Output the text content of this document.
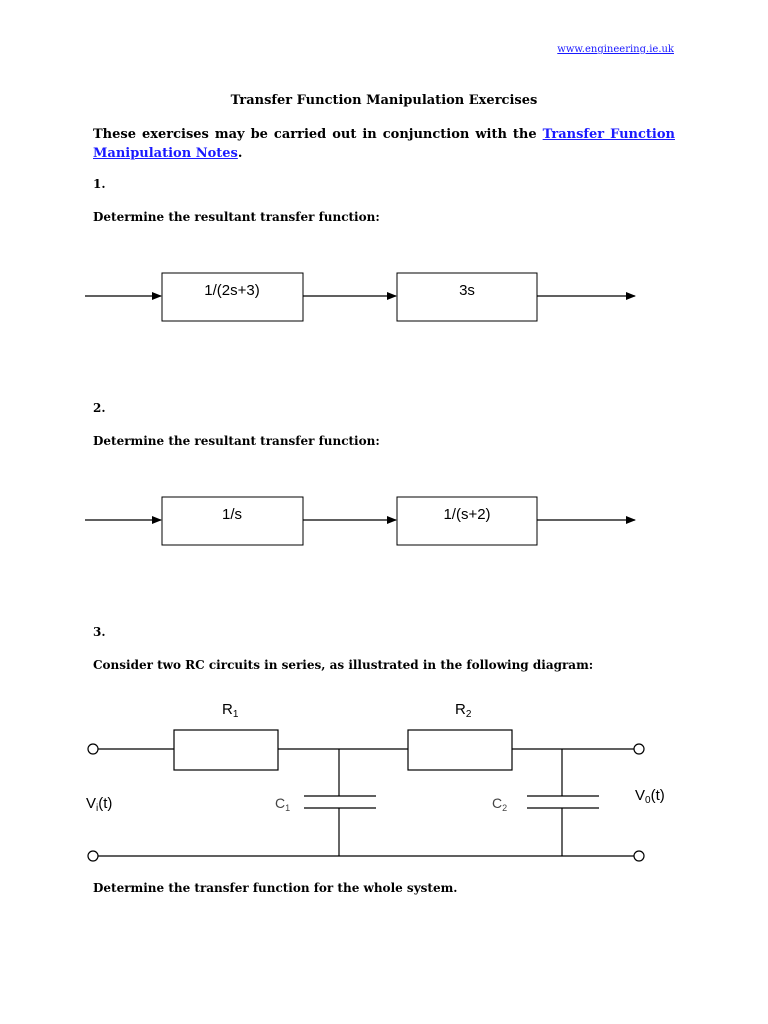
www.engineering.ie.uk
Transfer Function Manipulation Exercises
These exercises may be carried out in conjunction with the Transfer Function Manipulation Notes.
1.
Determine the resultant transfer function:
1/(2s+3)	3s
2.
Determine the resultant transfer function:
1/s	1/(s+2)
3.
Consider two RC circuits in series, as illustrated in the following diagram:
$R_1$	$R_2$
$C_1$	$C_2$
$V_i(t)$	$V_0(t)$
Determine the transfer function for the whole system.
